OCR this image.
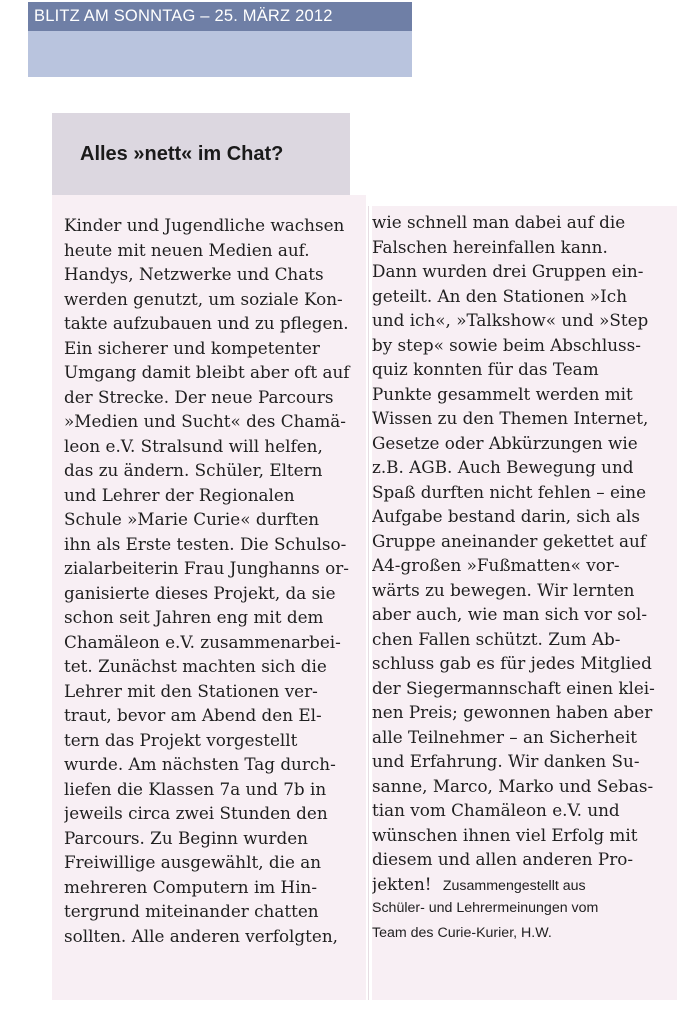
BLITZ AM SONNTAG – 25. MÄRZ 2012
Alles »nett« im Chat?
Kinder und Jugendliche wachsen
heute mit neuen Medien auf.
Handys, Netzwerke und Chats
werden genutzt, um soziale Kon-
takte aufzubauen und zu pflegen.
Ein sicherer und kompetenter
Umgang damit bleibt aber oft auf
der Strecke. Der neue Parcours
»Medien und Sucht« des Chamä-
leon e.V. Stralsund will helfen,
das zu ändern. Schüler, Eltern
und Lehrer der Regionalen
Schule »Marie Curie« durften
ihn als Erste testen. Die Schulso-
zialarbeiterin Frau Junghanns or-
ganisierte dieses Projekt, da sie
schon seit Jahren eng mit dem
Chamäleon e.V. zusammenarbei-
tet. Zunächst machten sich die
Lehrer mit den Stationen ver-
traut, bevor am Abend den El-
tern das Projekt vorgestellt
wurde. Am nächsten Tag durch-
liefen die Klassen 7a und 7b in
jeweils circa zwei Stunden den
Parcours. Zu Beginn wurden
Freiwillige ausgewählt, die an
mehreren Computern im Hin-
tergrund miteinander chatten
sollten. Alle anderen verfolgten,
wie schnell man dabei auf die
Falschen hereinfallen kann.
Dann wurden drei Gruppen ein-
geteilt. An den Stationen »Ich
und ich«, »Talkshow« und »Step
by step« sowie beim Abschluss-
quiz konnten für das Team
Punkte gesammelt werden mit
Wissen zu den Themen Internet,
Gesetze oder Abkürzungen wie
z.B. AGB. Auch Bewegung und
Spaß durften nicht fehlen – eine
Aufgabe bestand darin, sich als
Gruppe aneinander gekettet auf
A4-großen »Fußmatten« vor-
wärts zu bewegen. Wir lernten
aber auch, wie man sich vor sol-
chen Fallen schützt. Zum Ab-
schluss gab es für jedes Mitglied
der Siegermannschaft einen klei-
nen Preis; gewonnen haben aber
alle Teilnehmer – an Sicherheit
und Erfahrung. Wir danken Su-
sanne, Marco, Marko und Sebas-
tian vom Chamäleon e.V. und
wünschen ihnen viel Erfolg mit
diesem und allen anderen Pro-
jekten! Zusammengestellt aus
Schüler- und Lehrermeinungen vom
Team des Curie-Kurier, H.W.
